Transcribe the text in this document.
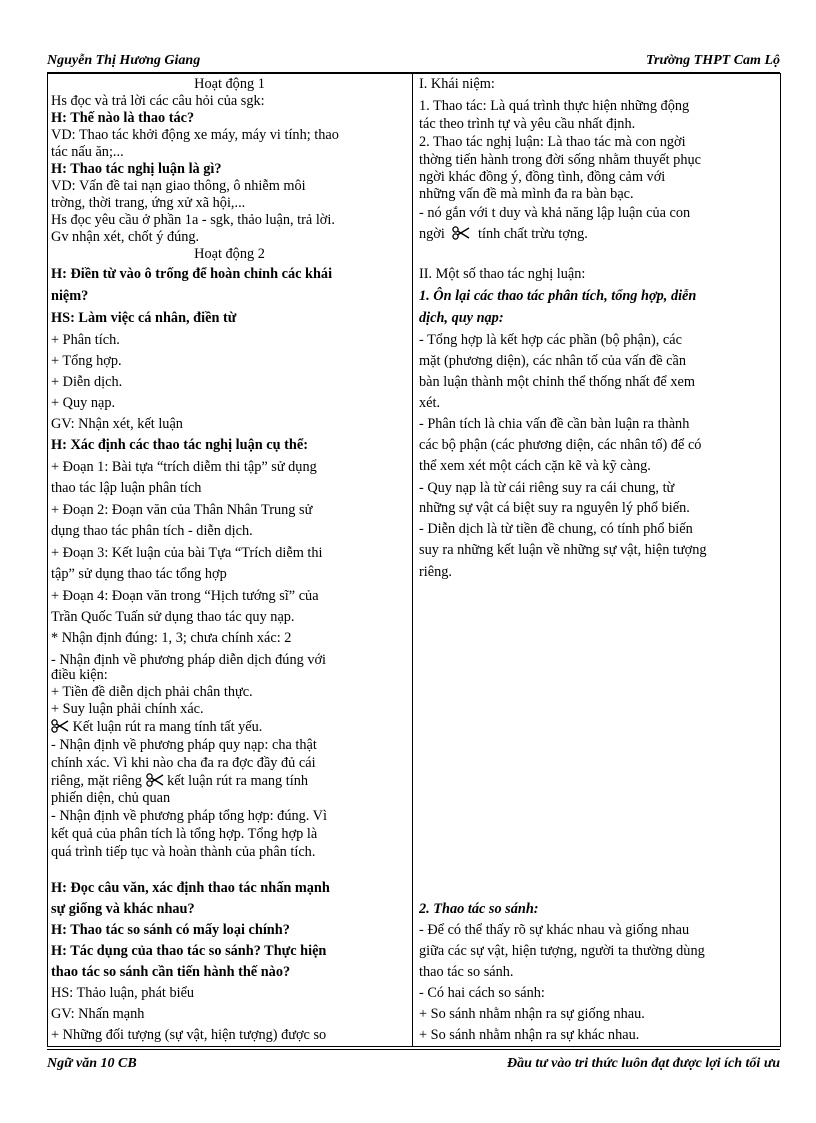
Nguyễn Thị Hương Giang	Trường THPT Cam Lộ
Hoạt động 1
Hs đọc và trả lời các câu hỏi của sgk:
H: Thế nào là thao tác?
VD: Thao tác khởi động xe máy, máy vi tính; thao
tác nấu ăn;...
H: Thao tác nghị luận là gì?
VD: Vấn đề tai nạn giao thông, ô nhiễm môi
trờng, thời trang, ứng xử xã hội,...
Hs đọc yêu cầu ở phần 1a - sgk, thảo luận, trả lời.
Gv nhận xét, chốt ý đúng.
Hoạt động 2
H: Điền từ vào ô trống để hoàn chỉnh các khái
niệm?
HS: Làm việc cá nhân, điền từ
+ Phân tích.
+ Tổng hợp.
+ Diễn dịch.
+ Quy nạp.
GV: Nhận xét, kết luận
H: Xác định các thao tác nghị luận cụ thể:
+ Đoạn 1: Bài tựa “trích diễm thi tập” sử dụng
thao tác lập luận phân tích
+ Đoạn 2: Đoạn văn của Thân Nhân Trung sử
dụng thao tác phân tích - diễn dịch.
+ Đoạn 3: Kết luận của bài Tựa “Trích diễm thi
tập” sử dụng thao tác tổng hợp
+ Đoạn 4: Đoạn văn trong “Hịch tướng sĩ” của
Trần Quốc Tuấn sử dụng thao tác quy nạp.
* Nhận định đúng: 1, 3; chưa chính xác: 2
- Nhận định về phương pháp diễn dịch đúng với
điều kiện:
+ Tiền đề diễn dịch phải chân thực.
+ Suy luận phải chính xác.
Kết luận rút ra mang tính tất yếu.
- Nhận định về phương pháp quy nạp: cha thật
chính xác. Vì khi nào cha đa ra đợc đầy đủ cái
riêng, mặt riêng kết luận rút ra mang tính
phiến diện, chủ quan
- Nhận định về phương pháp tổng hợp: đúng. Vì
kết quả của phân tích là tổng hợp. Tổng hợp là
quá trình tiếp tục và hoàn thành của phân tích.
H: Đọc câu văn, xác định thao tác nhấn mạnh
sự giống và khác nhau?
H: Thao tác so sánh có mấy loại chính?
H: Tác dụng của thao tác so sánh? Thực hiện
thao tác so sánh cần tiến hành thế nào?
HS: Thảo luận, phát biểu
GV: Nhấn mạnh
+ Những đối tượng (sự vật, hiện tượng) được so
I. Khái niệm:
1. Thao tác: Là quá trình thực hiện những động
tác theo trình tự và yêu cầu nhất định.
2. Thao tác nghị luận: Là thao tác mà con ngời
thờng tiến hành trong đời sống nhằm thuyết phục
ngời khác đồng ý, đồng tình, đồng cảm với
những vấn đề mà mình đa ra bàn bạc.
- nó gắn với t duy và khả năng lập luận của con
ngời tính chất trừu tợng.
II. Một số thao tác nghị luận:
1. Ôn lại các thao tác phân tích, tổng hợp, diễn
dịch, quy nạp:
- Tổng hợp là kết hợp các phần (bộ phận), các
mặt (phương diện), các nhân tố của vấn đề cần
bàn luận thành một chỉnh thể thống nhất để xem
xét.
- Phân tích là chia vấn đề cần bàn luận ra thành
các bộ phận (các phương diện, các nhân tố) để có
thể xem xét một cách cặn kẽ và kỹ càng.
- Quy nạp là từ cái riêng suy ra cái chung, từ
những sự vật cá biệt suy ra nguyên lý phổ biến.
- Diễn dịch là từ tiền đề chung, có tính phổ biến
suy ra những kết luận về những sự vật, hiện tượng
riêng.
2. Thao tác so sánh:
- Để có thể thấy rõ sự khác nhau và giống nhau
giữa các sự vật, hiện tượng, người ta thường dùng
thao tác so sánh.
- Có hai cách so sánh:
+ So sánh nhằm nhận ra sự giống nhau.
+ So sánh nhằm nhận ra sự khác nhau.
Ngữ văn 10 CB	Đầu tư vào tri thức luôn đạt được lợi ích tối ưu
